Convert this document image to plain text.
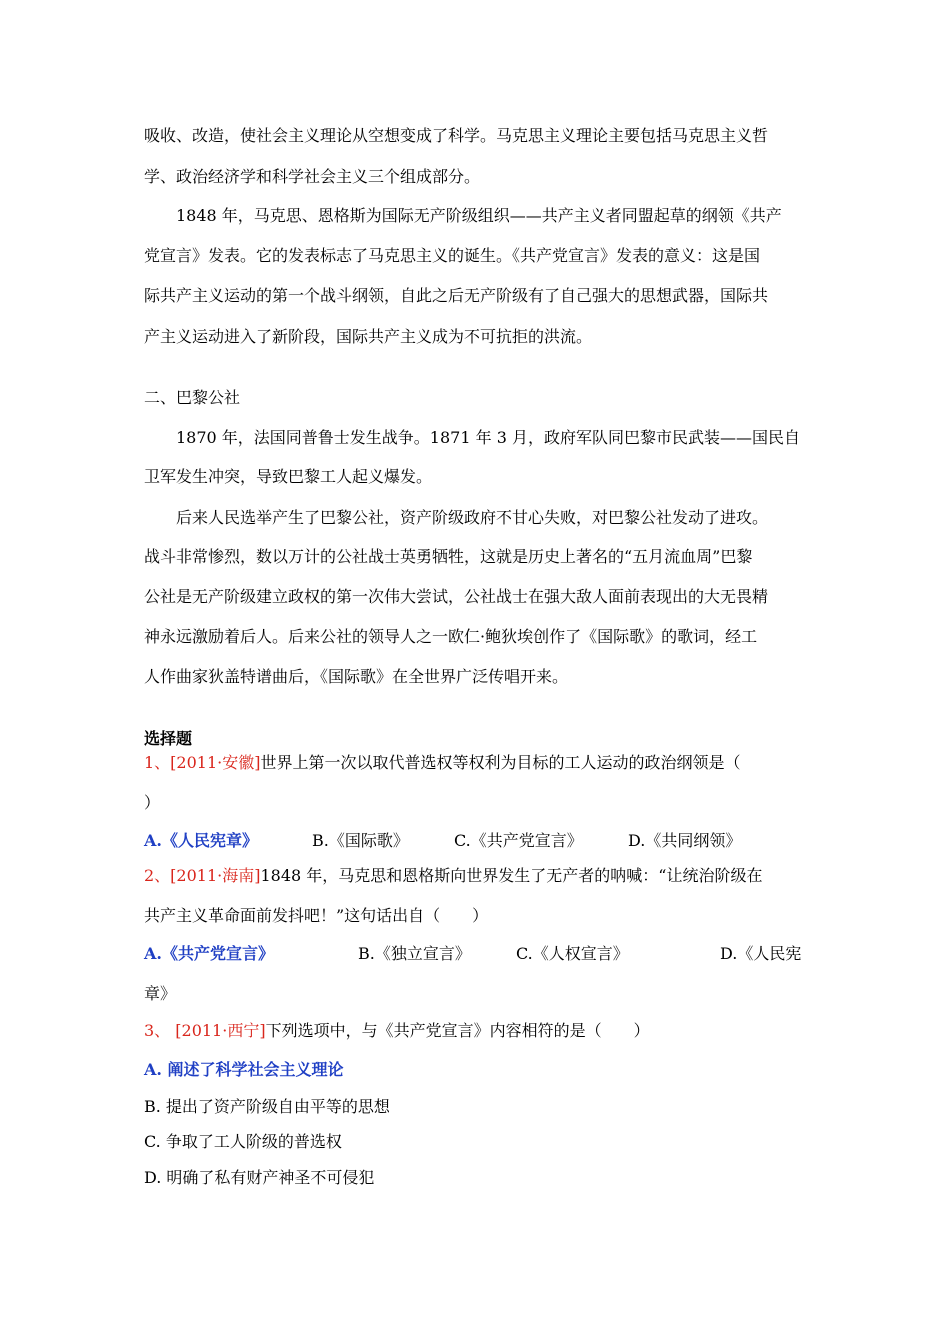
吸收、改造，使社会主义理论从空想变成了科学。马克思主义理论主要包括马克思主义哲
学、政治经济学和科学社会主义三个组成部分。
1848 年，马克思、恩格斯为国际无产阶级组织——共产主义者同盟起草的纲领《共产
党宣言》发表。它的发表标志了马克思主义的诞生。《共产党宣言》发表的意义：这是国
际共产主义运动的第一个战斗纲领，自此之后无产阶级有了自己强大的思想武器，国际共
产主义运动进入了新阶段，国际共产主义成为不可抗拒的洪流。
二、巴黎公社
1870 年，法国同普鲁士发生战争。1871 年 3 月，政府军队同巴黎市民武装——国民自
卫军发生冲突，导致巴黎工人起义爆发。
后来人民选举产生了巴黎公社，资产阶级政府不甘心失败，对巴黎公社发动了进攻。
战斗非常惨烈，数以万计的公社战士英勇牺牲，这就是历史上著名的“五月流血周”巴黎
公社是无产阶级建立政权的第一次伟大尝试，公社战士在强大敌人面前表现出的大无畏精
神永远激励着后人。后来公社的领导人之一欧仁·鲍狄埃创作了《国际歌》的歌词，经工
人作曲家狄盖特谱曲后，《国际歌》在全世界广泛传唱开来。
选择题
1、[2011·安徽]世界上第一次以取代普选权等权利为目标的工人运动的政治纲领是（
）
A.《人民宪章》	B.《国际歌》	C.《共产党宣言》	D.《共同纲领》
2、[2011·海南]1848 年，马克思和恩格斯向世界发生了无产者的呐喊：“让统治阶级在
共产主义革命面前发抖吧！”这句话出自（　　）
A.《共产党宣言》	B.《独立宣言》	C.《人权宣言》	D.《人民宪
章》
3、 [2011·西宁]下列选项中，与《共产党宣言》内容相符的是（　　）
A. 阐述了科学社会主义理论
B. 提出了资产阶级自由平等的思想
C. 争取了工人阶级的普选权
D. 明确了私有财产神圣不可侵犯
